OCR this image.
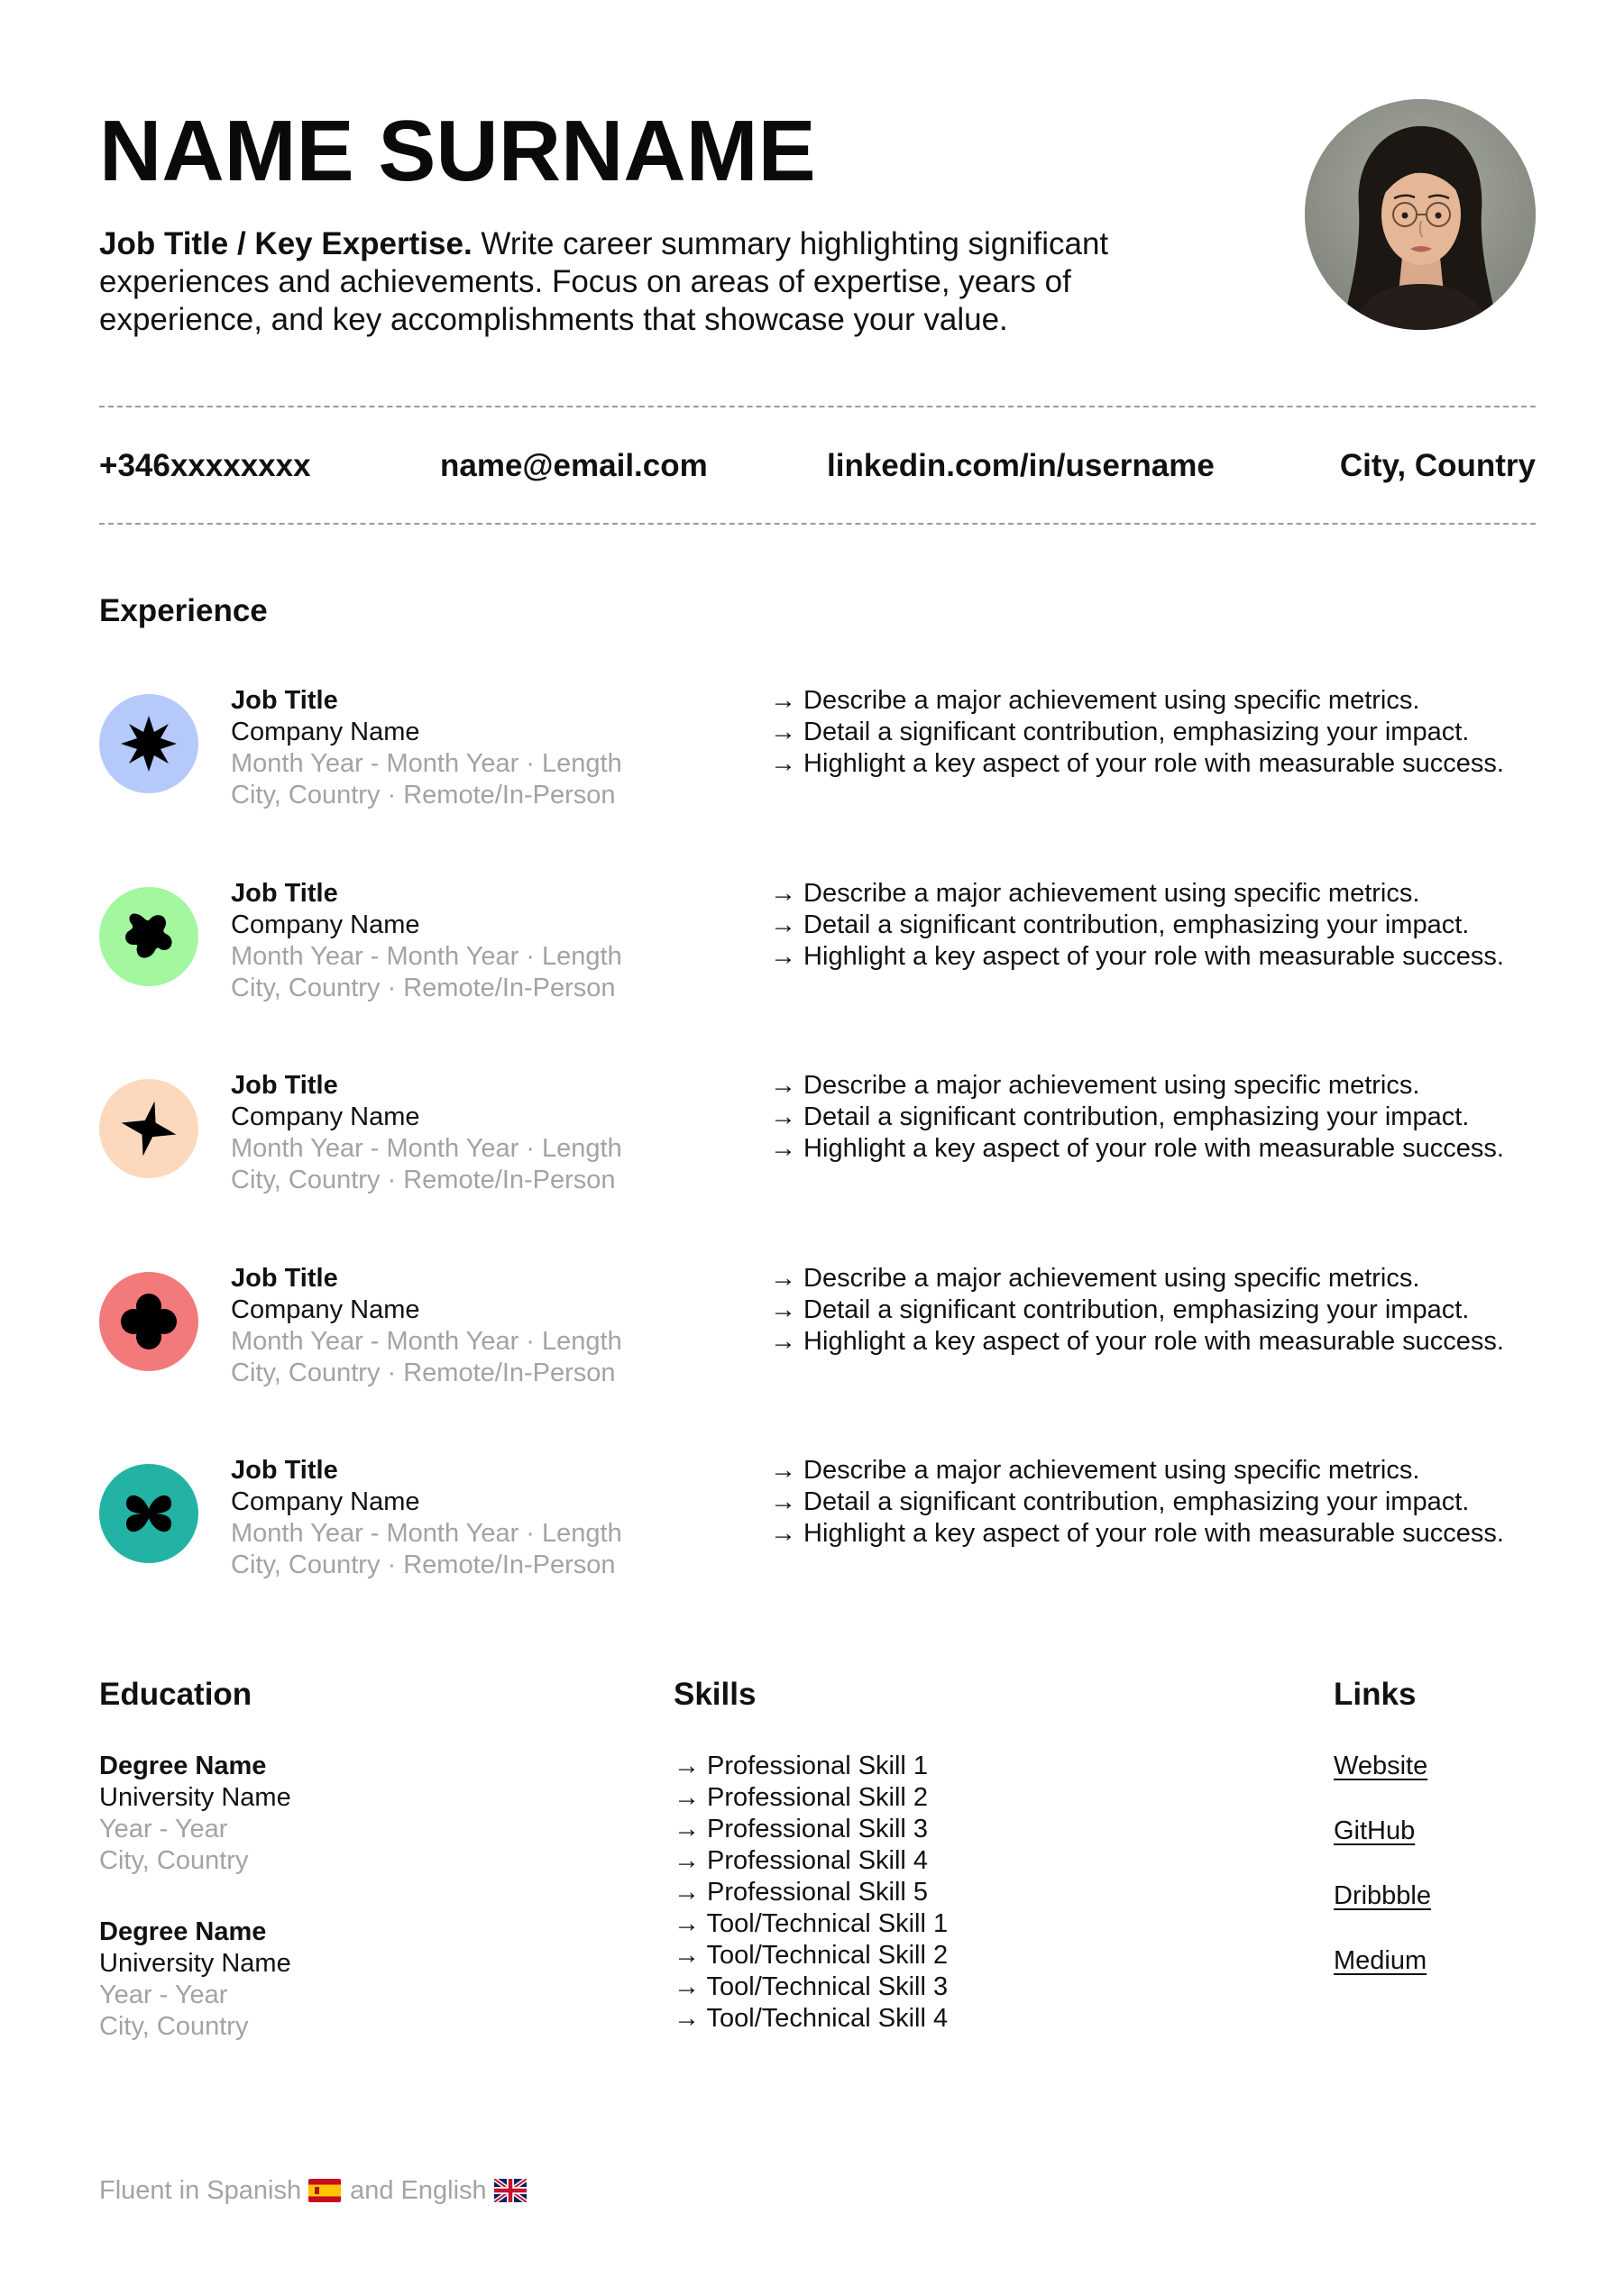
NAME SURNAME
Job Title / Key Expertise. Write career summary highlighting significant experiences and achievements. Focus on areas of expertise, years of experience, and key accomplishments that showcase your value.
+346xxxxxxxx	name@email.com	linkedin.com/in/username	City, Country
Experience
Job Title
Company Name
Month Year - Month Year · Length
City, Country · Remote/In-Person
→ Describe a major achievement using specific metrics.
→ Detail a significant contribution, emphasizing your impact.
→ Highlight a key aspect of your role with measurable success.
Job Title
Company Name
Month Year - Month Year · Length
City, Country · Remote/In-Person
→ Describe a major achievement using specific metrics.
→ Detail a significant contribution, emphasizing your impact.
→ Highlight a key aspect of your role with measurable success.
Job Title
Company Name
Month Year - Month Year · Length
City, Country · Remote/In-Person
→ Describe a major achievement using specific metrics.
→ Detail a significant contribution, emphasizing your impact.
→ Highlight a key aspect of your role with measurable success.
Job Title
Company Name
Month Year - Month Year · Length
City, Country · Remote/In-Person
→ Describe a major achievement using specific metrics.
→ Detail a significant contribution, emphasizing your impact.
→ Highlight a key aspect of your role with measurable success.
Job Title
Company Name
Month Year - Month Year · Length
City, Country · Remote/In-Person
→ Describe a major achievement using specific metrics.
→ Detail a significant contribution, emphasizing your impact.
→ Highlight a key aspect of your role with measurable success.
Education
Degree Name
University Name
Year - Year
City, Country
Degree Name
University Name
Year - Year
City, Country
Skills
→ Professional Skill 1
→ Professional Skill 2
→ Professional Skill 3
→ Professional Skill 4
→ Professional Skill 5
→ Tool/Technical Skill 1
→ Tool/Technical Skill 2
→ Tool/Technical Skill 3
→ Tool/Technical Skill 4
Links
Website
GitHub
Dribbble
Medium
Fluent in Spanish and English
